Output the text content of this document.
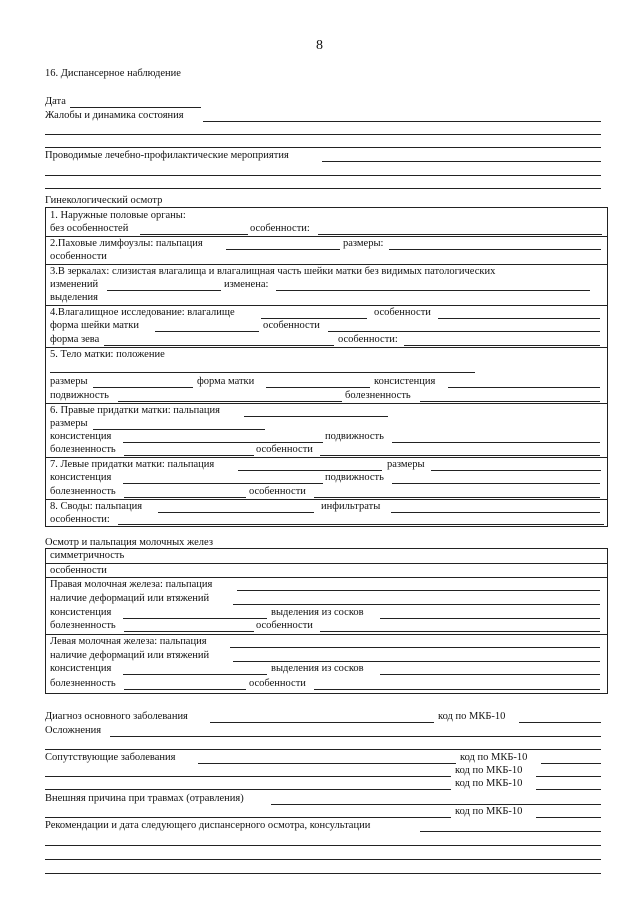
8
16. Диспансерное наблюдение
Дата
Жалобы и динамика состояния
Проводимые лечебно-профилактические мероприятия
Гинекологический осмотр
1. Наружные половые органы:
без особенностей	особенности:
2.Паховые лимфоузлы: пальпация	размеры:
особенности
3.В зеркалах: слизистая влагалища и влагалищная часть шейки матки без видимых патологических
изменений	изменена:
выделения
4.Влагалищное исследование: влагалище	особенности
форма шейки матки	особенности
форма зева	особенности:
5. Тело матки: положение
размеры	форма матки	консистенция
подвижность	болезненность
6. Правые придатки матки: пальпация
размеры
консистенция	подвижность
болезненность	особенности
7. Левые придатки матки: пальпация	размеры
консистенция	подвижность
болезненность	особенности
8. Своды: пальпация	инфильтраты
особенности:
Осмотр и пальпация молочных желез
симметричность
особенности
Правая молочная железа: пальпация
наличие деформаций или втяжений
консистенция	выделения из сосков
болезненность	особенности
Левая молочная железа: пальпация
наличие деформаций или втяжений
консистенция	выделения из сосков
болезненность	особенности
Диагноз основного заболевания	код по МКБ-10
Осложнения
Сопутствующие заболевания	код по МКБ-10
код по МКБ-10
код по МКБ-10
Внешняя причина при травмах (отравления)
код по МКБ-10
Рекомендации и дата следующего диспансерного осмотра, консультации
